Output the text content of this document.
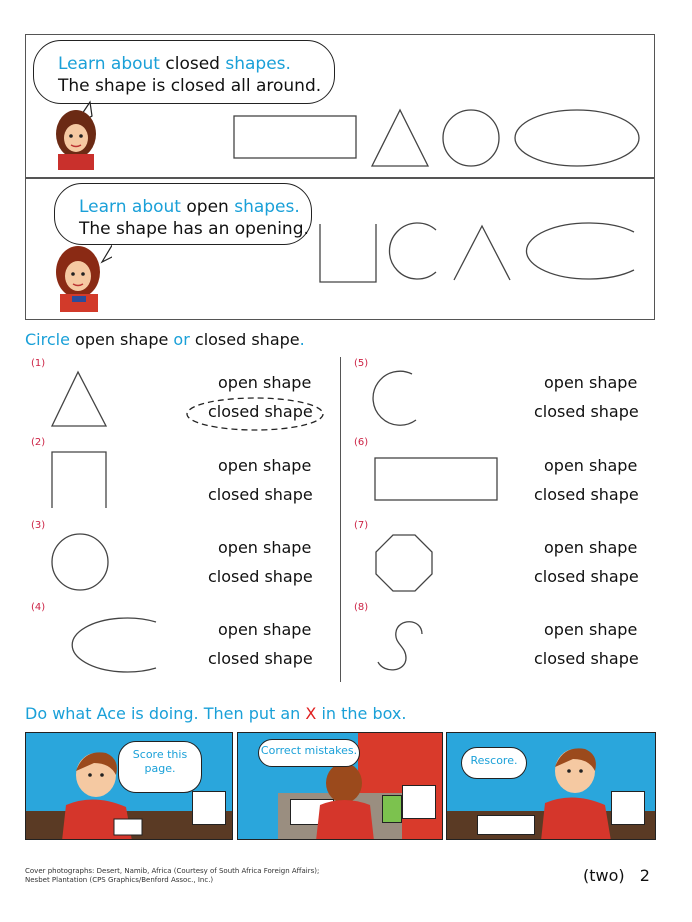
Learn about closed shapes.
The shape is closed all around.
Learn about open shapes.
The shape has an opening.
Circle open shape or closed shape.
(1)
open shape
closed shape
(2)
open shape
closed shape
(3)
open shape
closed shape
(4)
open shape
closed shape
(5)
open shape
closed shape
(6)
open shape
closed shape
(7)
open shape
closed shape
(8)
open shape
closed shape
Do what Ace is doing. Then put an X in the box.
Score this page.
Correct mistakes.
Rescore.
Cover photographs: Desert, Namib, Africa (Courtesy of South Africa Foreign Affairs);
Nesbet Plantation (CPS Graphics/Benford Assoc., Inc.)	(two) 2
